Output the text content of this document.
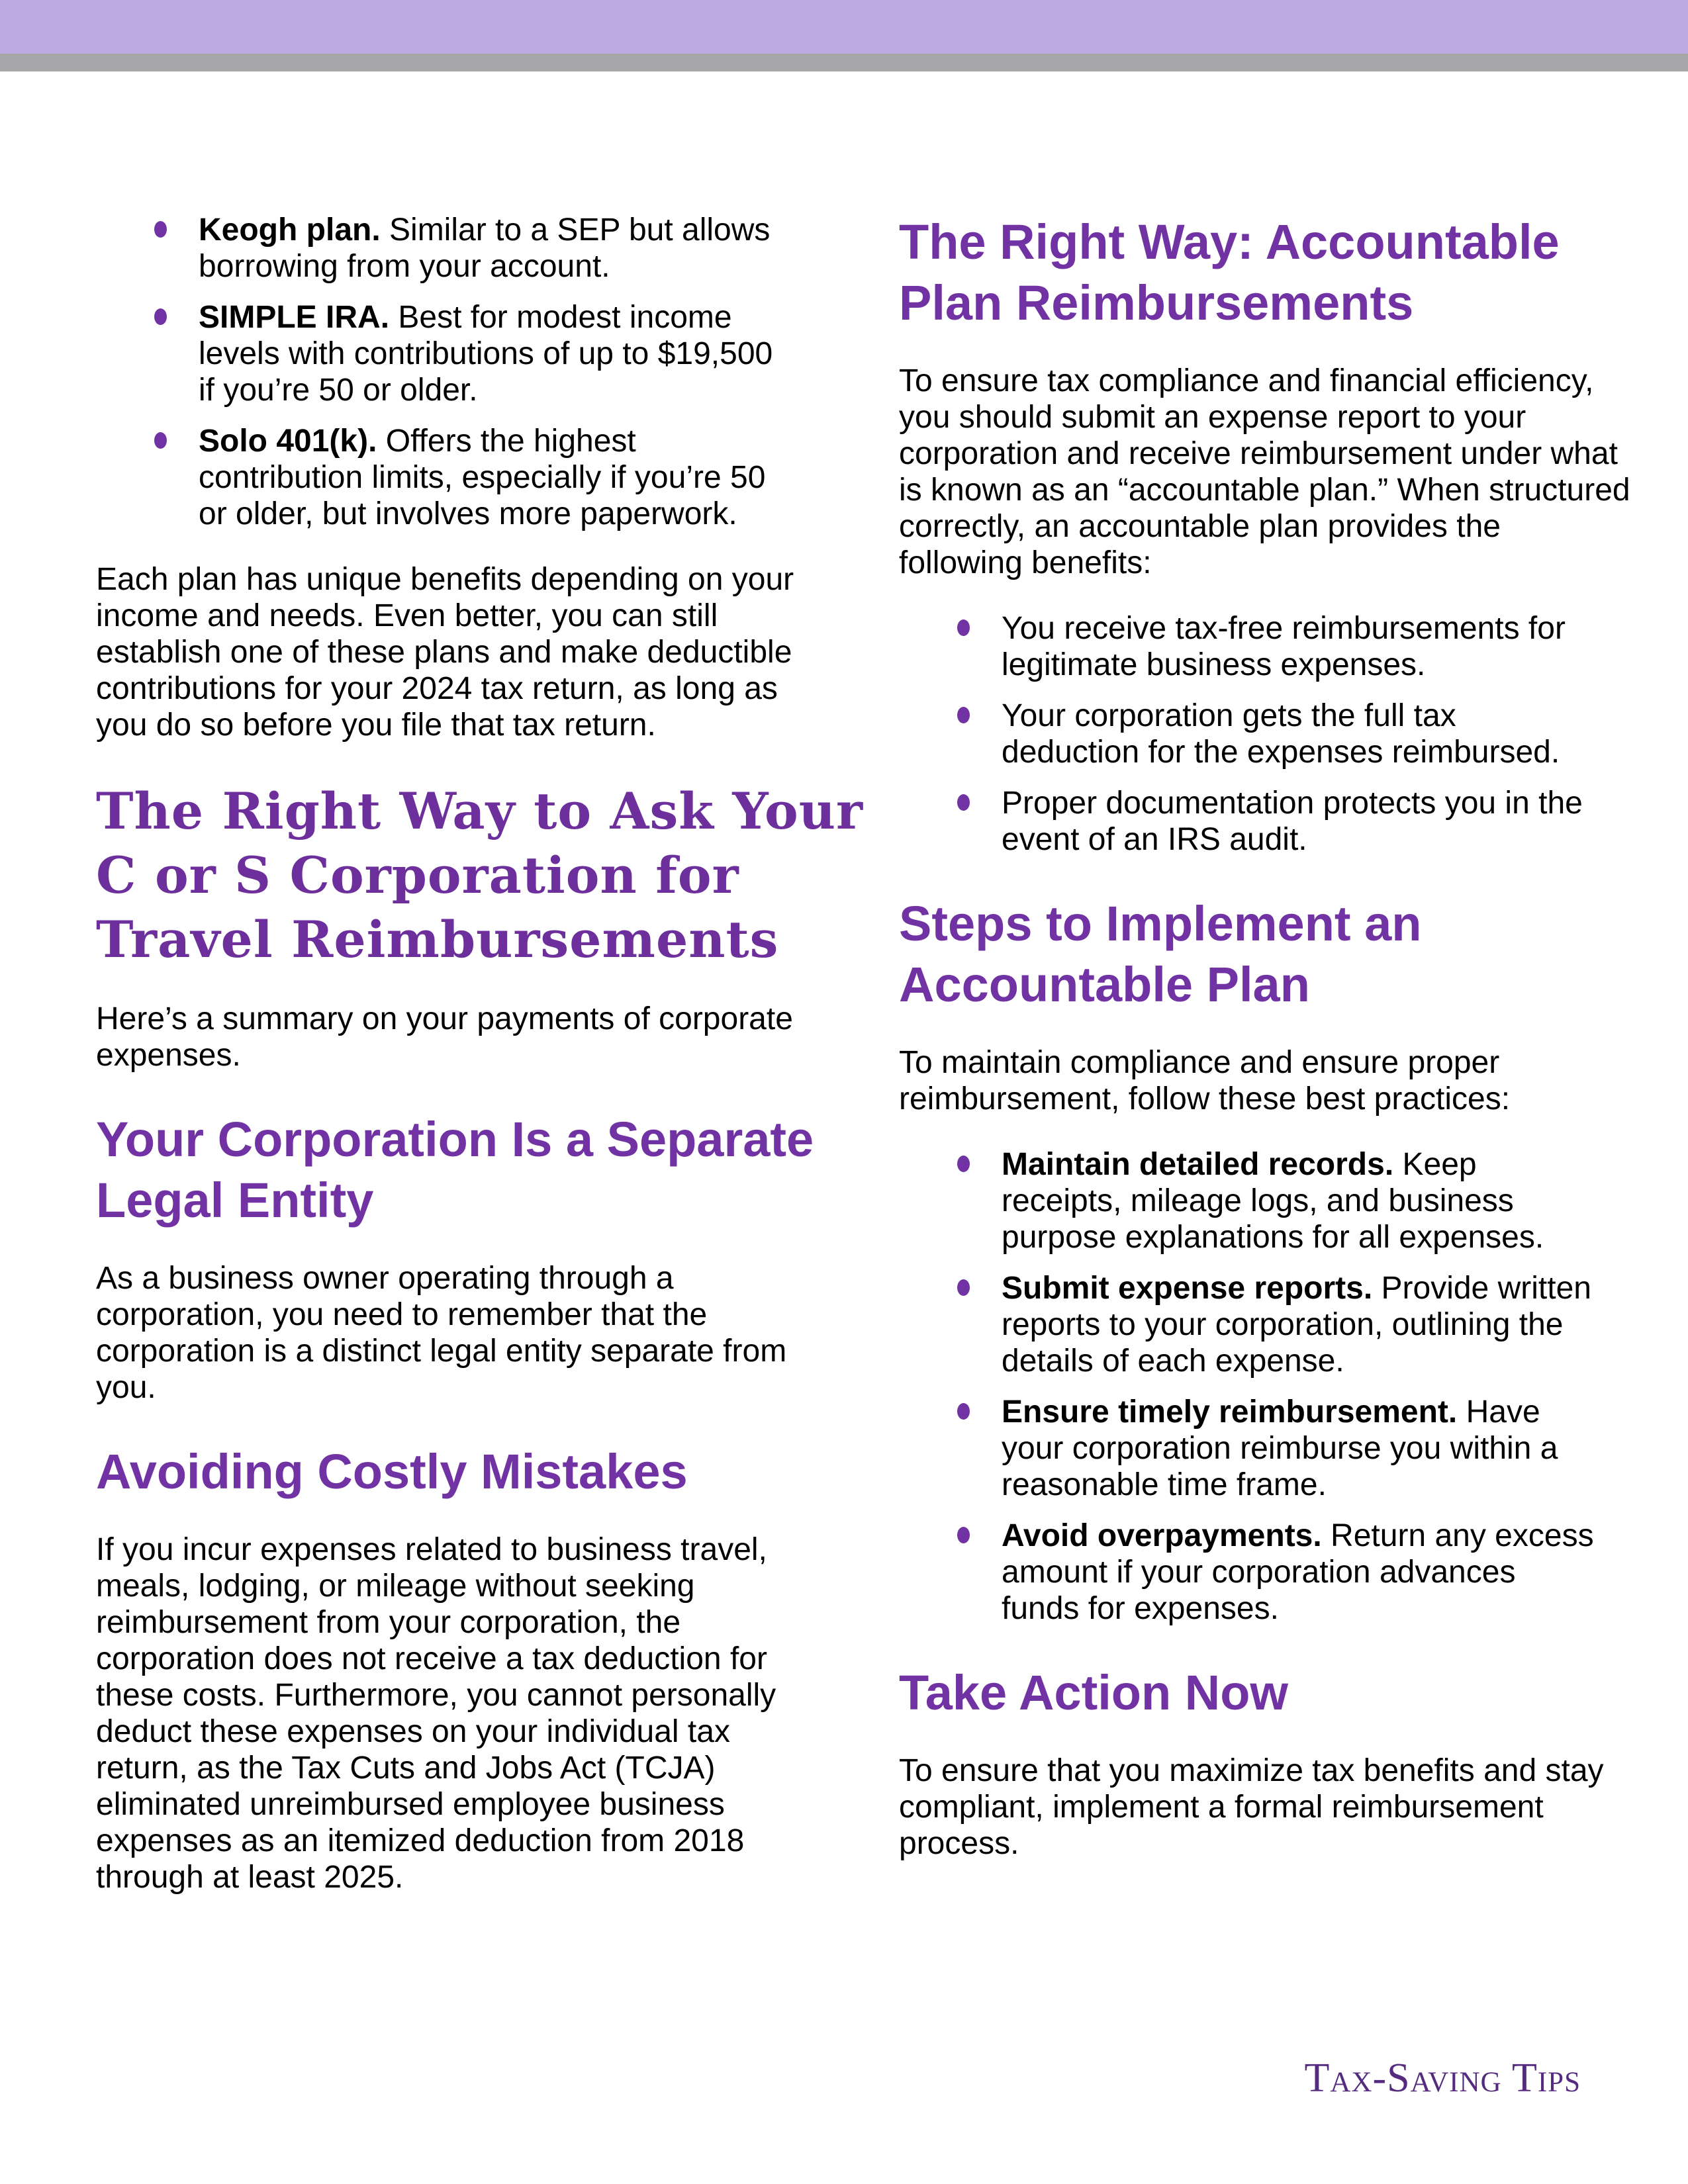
Keogh plan. Similar to a SEP but allows borrowing from your account.
SIMPLE IRA. Best for modest income levels with contributions of up to $19,500 if you’re 50 or older.
Solo 401(k). Offers the highest contribution limits, especially if you’re 50 or older, but involves more paperwork.

Each plan has unique benefits depending on your income and needs. Even better, you can still establish one of these plans and make deductible contributions for your 2024 tax return, as long as you do so before you file that tax return.

The Right Way to Ask Your
C or S Corporation for
Travel Reimbursements

Here’s a summary on your payments of corporate expenses.

Your Corporation Is a Separate
Legal Entity

As a business owner operating through a corporation, you need to remember that the corporation is a distinct legal entity separate from you.

Avoiding Costly Mistakes

If you incur expenses related to business travel, meals, lodging, or mileage without seeking reimbursement from your corporation, the corporation does not receive a tax deduction for these costs. Furthermore, you cannot personally deduct these expenses on your individual tax return, as the Tax Cuts and Jobs Act (TCJA) eliminated unreimbursed employee business expenses as an itemized deduction from 2018 through at least 2025.

The Right Way: Accountable
Plan Reimbursements

To ensure tax compliance and financial efficiency, you should submit an expense report to your corporation and receive reimbursement under what is known as an “accountable plan.” When structured correctly, an accountable plan provides the following benefits:

You receive tax-free reimbursements for legitimate business expenses.
Your corporation gets the full tax deduction for the expenses reimbursed.
Proper documentation protects you in the event of an IRS audit.
Steps to Implement an
Accountable Plan

To maintain compliance and ensure proper reimbursement, follow these best practices:

Maintain detailed records. Keep receipts, mileage logs, and business purpose explanations for all expenses.
Submit expense reports. Provide written reports to your corporation, outlining the details of each expense.
Ensure timely reimbursement. Have your corporation reimburse you within a reasonable time frame.
Avoid overpayments. Return any excess amount if your corporation advances funds for expenses.
Take Action Now

To ensure that you maximize tax benefits and stay compliant, implement a formal reimbursement process.

Tax-Saving Tips
